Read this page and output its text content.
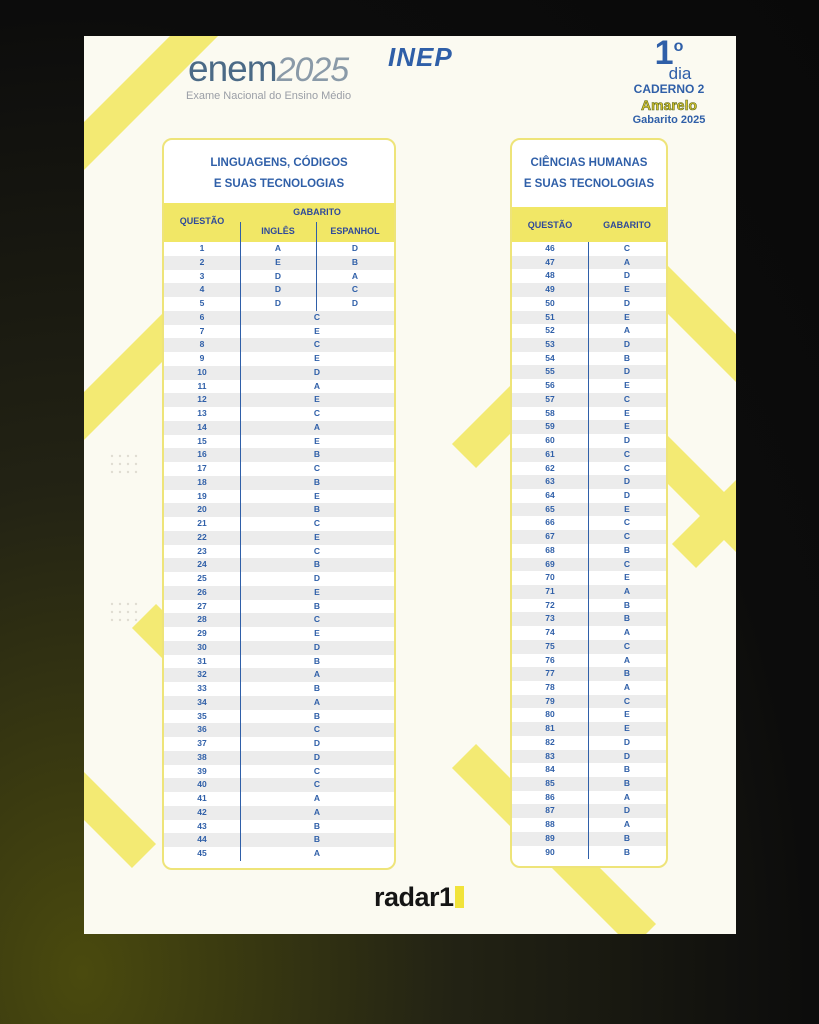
enem2025
Exame Nacional do Ensino Médio
INEP	1o
dia
CADERNO 2
Amarelo
Gabarito 2025
LINGUAGENS, CÓDIGOS
E SUAS TECNOLOGIAS
QUESTÃO
GABARITO
INGLÊS	ESPANHOL
1	A	D
2	E	B
3	D	A
4	D	C
5	D	D
6	C
7	E
8	C
9	E
10	D
11	A
12	E
13	C
14	A
15	E
16	B
17	C
18	B
19	E
20	B
21	C
22	E
23	C
24	B
25	D
26	E
27	B
28	C
29	E
30	D
31	B
32	A
33	B
34	A
35	B
36	C
37	D
38	D
39	C
40	C
41	A
42	A
43	B
44	B
45	A
CIÊNCIAS HUMANAS
E SUAS TECNOLOGIAS
QUESTÃO	GABARITO
46	C
47	A
48	D
49	E
50	D
51	E
52	A
53	D
54	B
55	D
56	E
57	C
58	E
59	E
60	D
61	C
62	C
63	D
64	D
65	E
66	C
67	C
68	B
69	C
70	E
71	A
72	B
73	B
74	A
75	C
76	A
77	B
78	A
79	C
80	E
81	E
82	D
83	D
84	B
85	B
86	A
87	D
88	A
89	B
90	B
radar1
